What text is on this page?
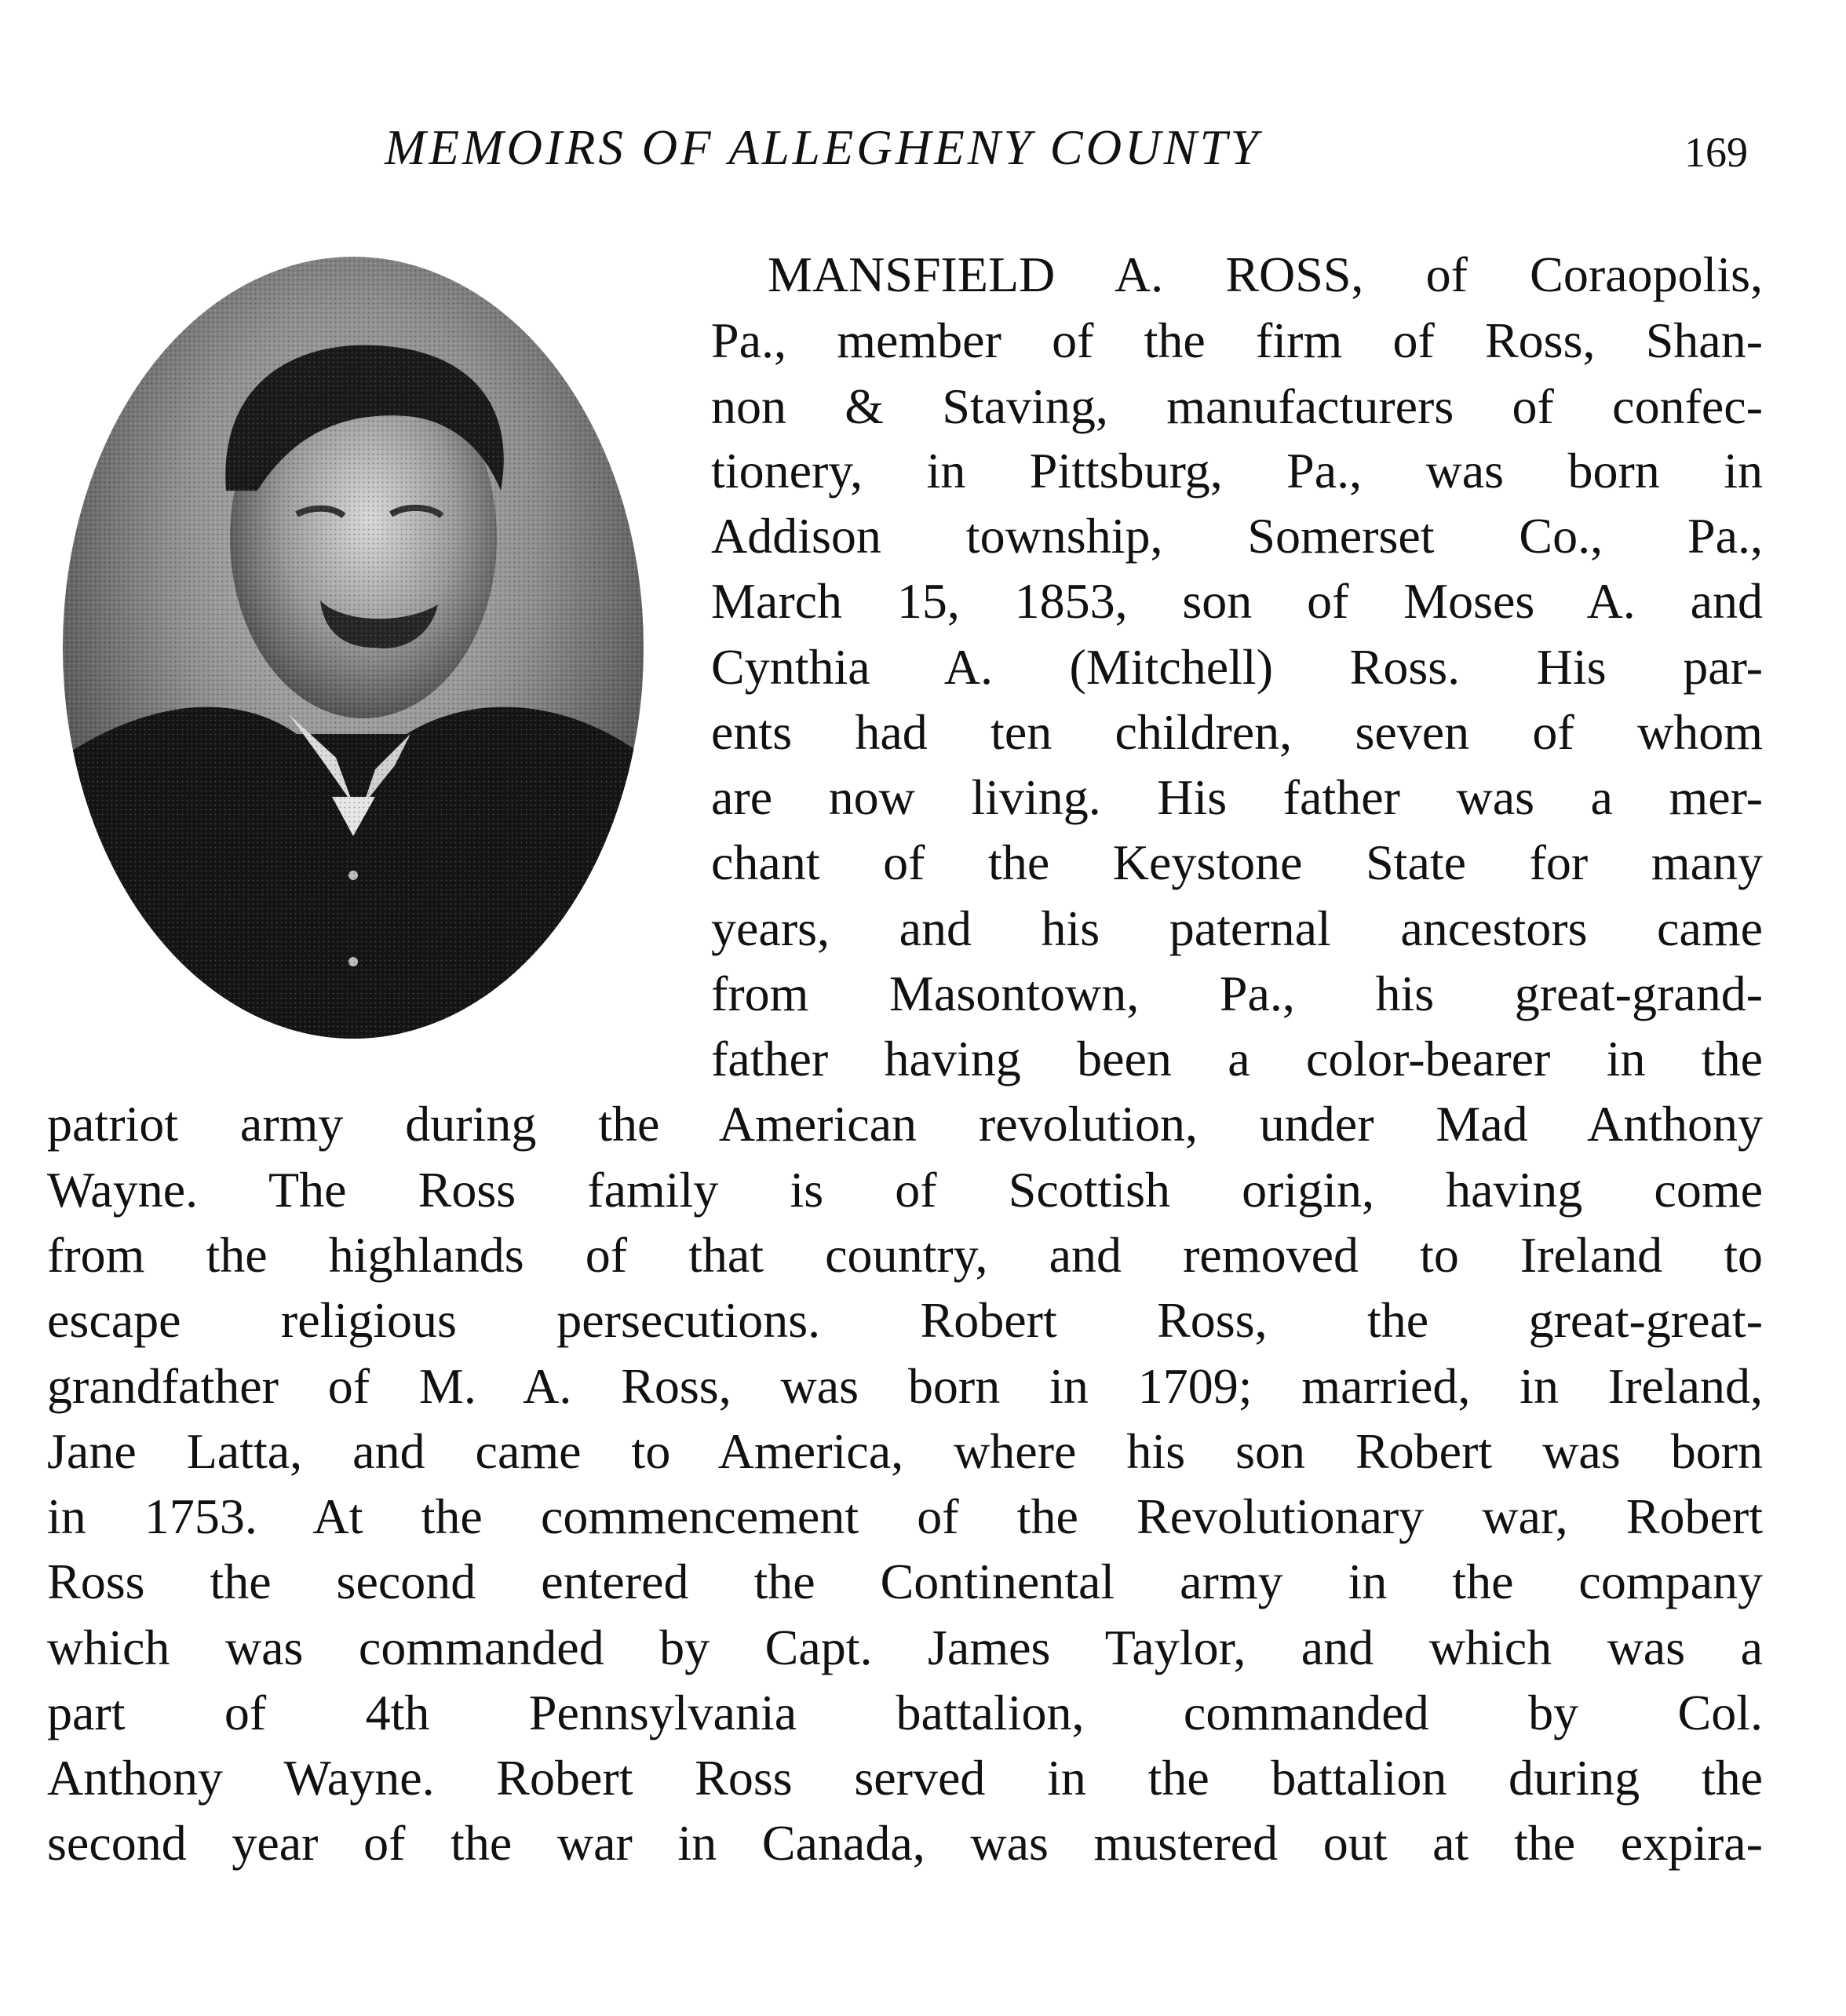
MEMOIRS OF ALLEGHENY COUNTY	169
MANSFIELD A. ROSS, of Coraopolis,
Pa., member of the firm of Ross, Shan-
non & Staving, manufacturers of confec-
tionery, in Pittsburg, Pa., was born in
Addison township, Somerset Co., Pa.,
March 15, 1853, son of Moses A. and
Cynthia A. (Mitchell) Ross. His par-
ents had ten children, seven of whom
are now living. His father was a mer-
chant of the Keystone State for many
years, and his paternal ancestors came
from Masontown, Pa., his great-grand-
father having been a color-bearer in the
patriot army during the American revolution, under Mad Anthony
Wayne. The Ross family is of Scottish origin, having come
from the highlands of that country, and removed to Ireland to
escape religious persecutions. Robert Ross, the great-great-
grandfather of M. A. Ross, was born in 1709; married, in Ireland,
Jane Latta, and came to America, where his son Robert was born
in 1753. At the commencement of the Revolutionary war, Robert
Ross the second entered the Continental army in the company
which was commanded by Capt. James Taylor, and which was a
part of 4th Pennsylvania battalion, commanded by Col.
Anthony Wayne. Robert Ross served in the battalion during the
second year of the war in Canada, was mustered out at the expira-
